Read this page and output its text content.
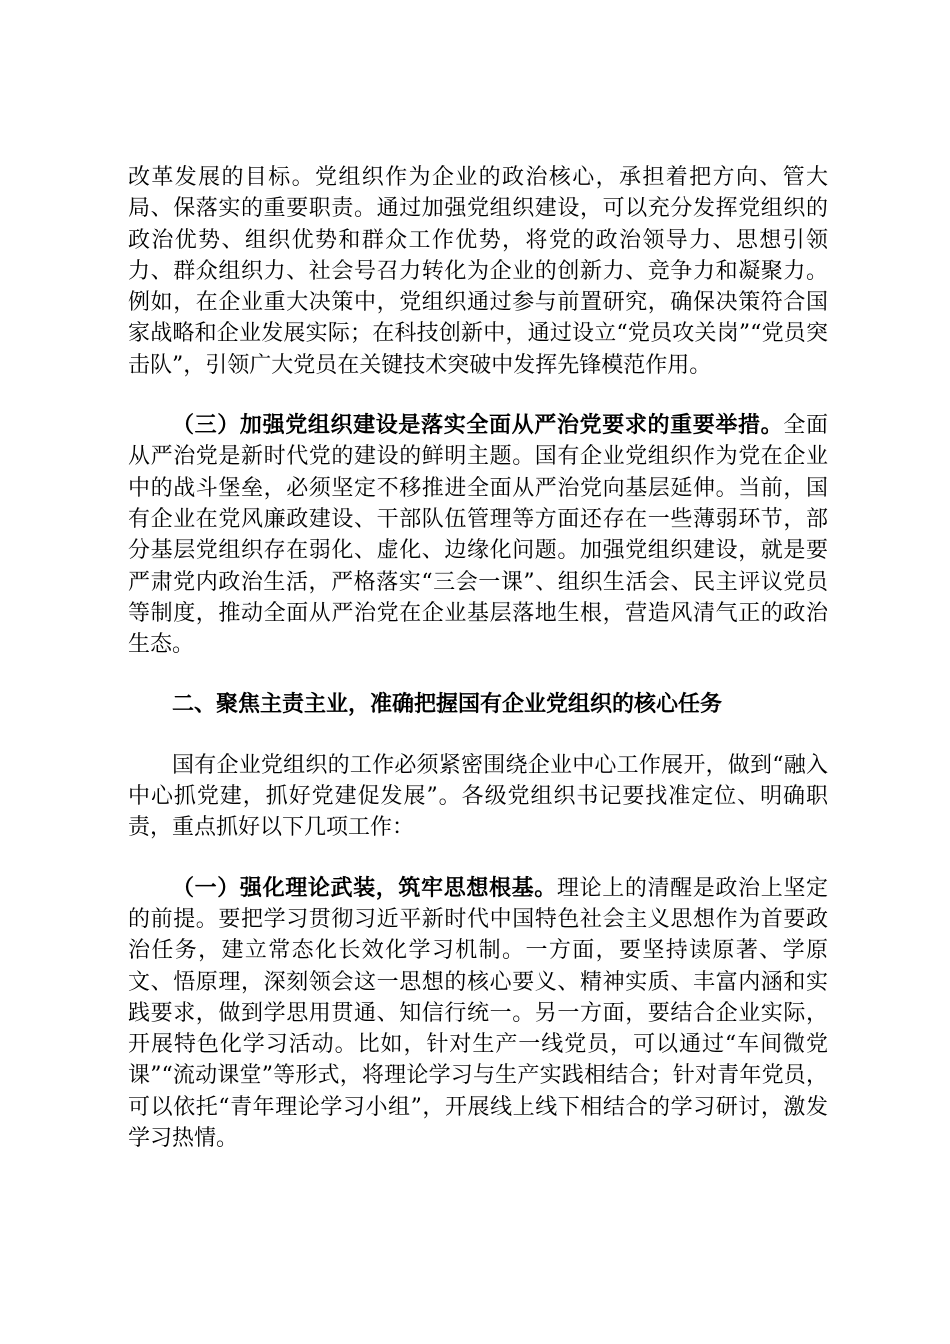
改革发展的目标。党组织作为企业的政治核心，承担着把方向、管大局、保落实的重要职责。通过加强党组织建设，可以充分发挥党组织的政治优势、组织优势和群众工作优势，将党的政治领导力、思想引领力、群众组织力、社会号召力转化为企业的创新力、竞争力和凝聚力。例如，在企业重大决策中，党组织通过参与前置研究，确保决策符合国家战略和企业发展实际；在科技创新中，通过设立“党员攻关岗”“党员突击队”，引领广大党员在关键技术突破中发挥先锋模范作用。

（三）加强党组织建设是落实全面从严治党要求的重要举措。全面从严治党是新时代党的建设的鲜明主题。国有企业党组织作为党在企业中的战斗堡垒，必须坚定不移推进全面从严治党向基层延伸。当前，国有企业在党风廉政建设、干部队伍管理等方面还存在一些薄弱环节，部分基层党组织存在弱化、虚化、边缘化问题。加强党组织建设，就是要严肃党内政治生活，严格落实“三会一课”、组织生活会、民主评议党员等制度，推动全面从严治党在企业基层落地生根，营造风清气正的政治生态。

二、聚焦主责主业，准确把握国有企业党组织的核心任务

国有企业党组织的工作必须紧密围绕企业中心工作展开，做到“融入中心抓党建，抓好党建促发展”。各级党组织书记要找准定位、明确职责，重点抓好以下几项工作：

（一）强化理论武装，筑牢思想根基。理论上的清醒是政治上坚定的前提。要把学习贯彻习近平新时代中国特色社会主义思想作为首要政治任务，建立常态化长效化学习机制。一方面，要坚持读原著、学原文、悟原理，深刻领会这一思想的核心要义、精神实质、丰富内涵和实践要求，做到学思用贯通、知信行统一。另一方面，要结合企业实际，开展特色化学习活动。比如，针对生产一线党员，可以通过“车间微党课”“流动课堂”等形式，将理论学习与生产实践相结合；针对青年党员，可以依托“青年理论学习小组”，开展线上线下相结合的学习研讨，激发学习热情。
